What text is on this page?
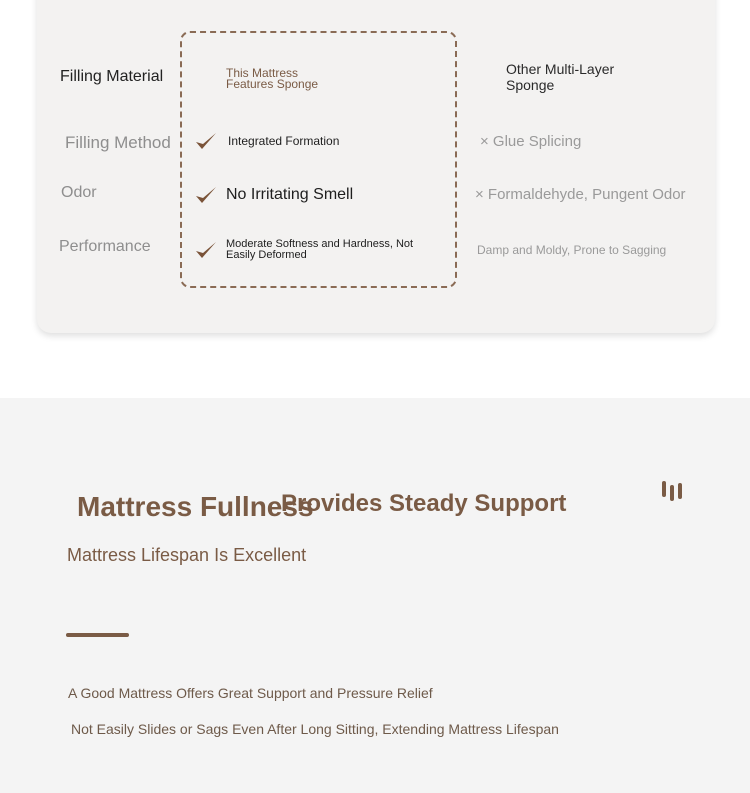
Filling Material
Filling Method
Odor
Performance
This Mattress Features Sponge
Integrated Formation
No Irritating Smell
Moderate Softness and Hardness, Not Easily Deformed
Other Multi-Layer Sponge
× Glue Splicing
× Formaldehyde, Pungent Odor
Damp and Moldy, Prone to Sagging
Mattress Fullness
Provides Steady Support
Mattress Lifespan Is Excellent
A Good Mattress Offers Great Support and Pressure Relief
Not Easily Slides or Sags Even After Long Sitting, Extending Mattress Lifespan
